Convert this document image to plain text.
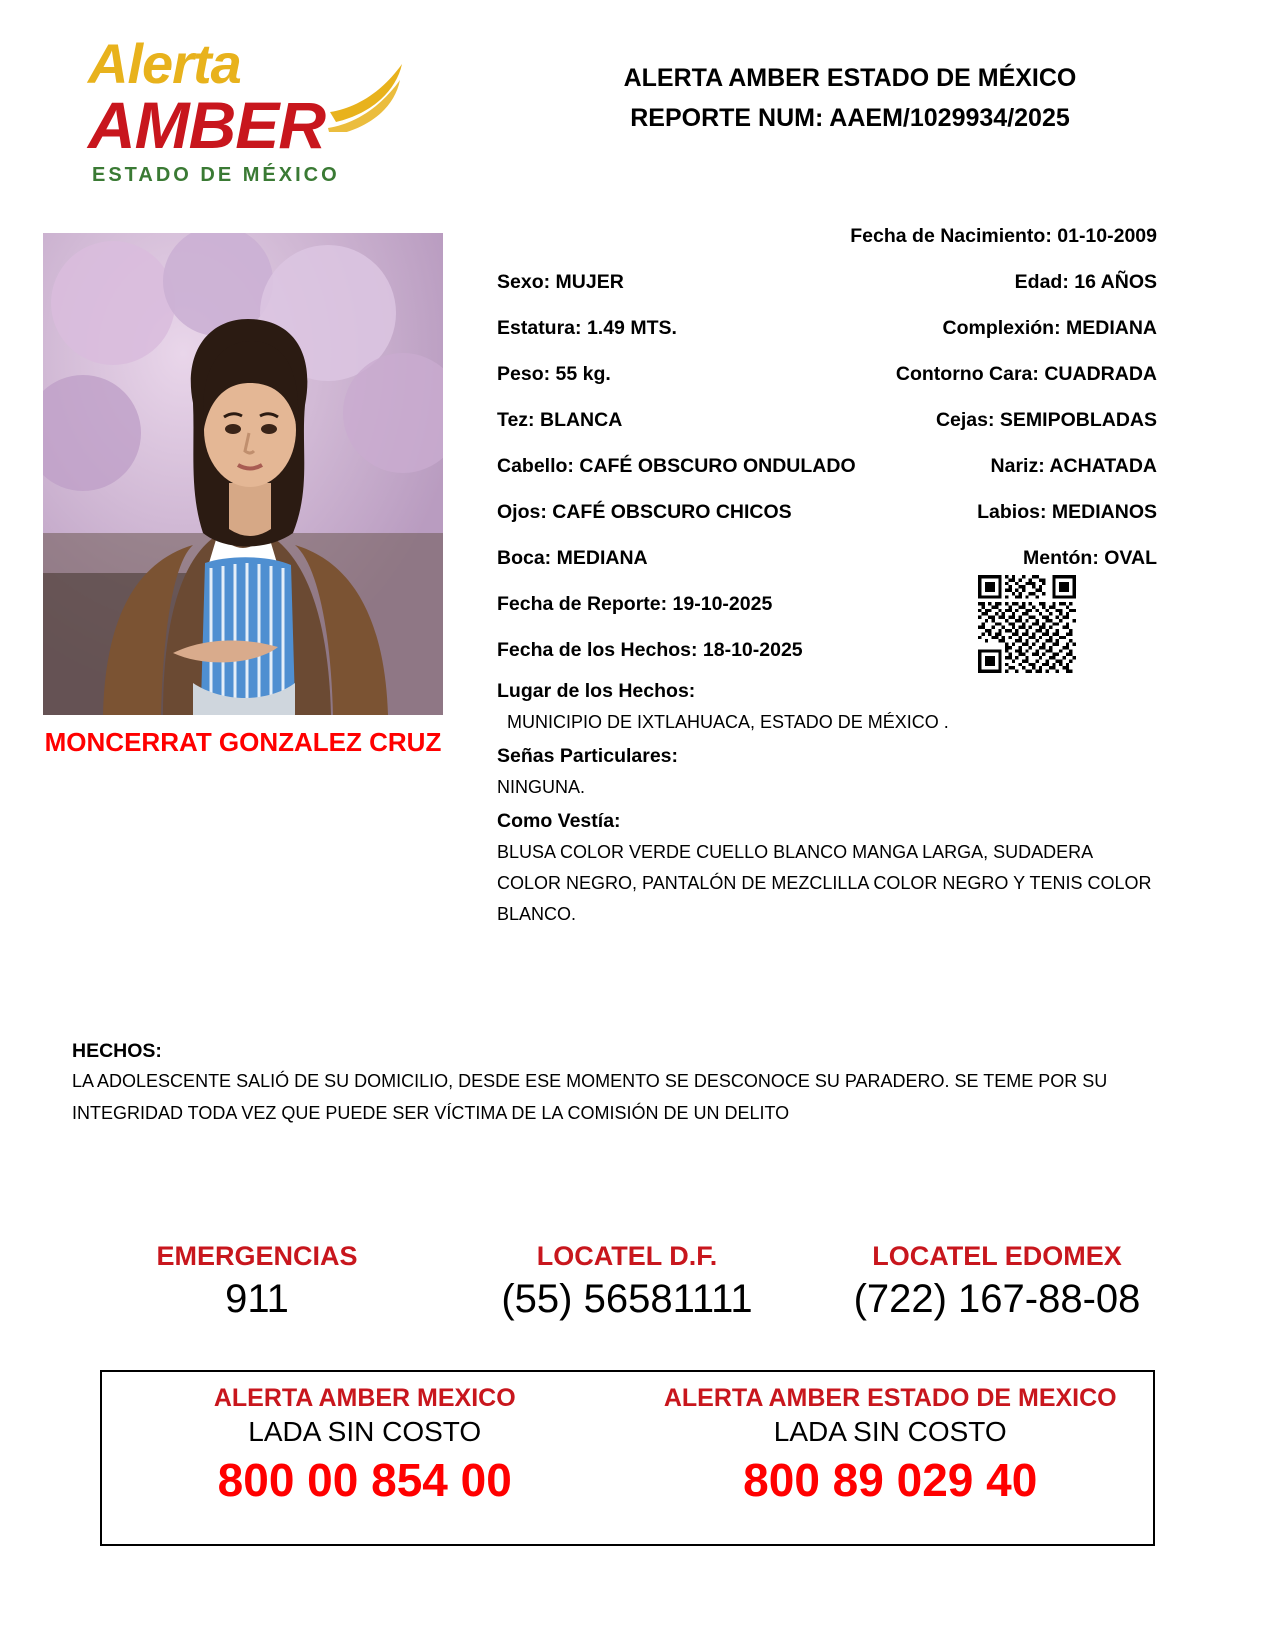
Alerta
AMBER
ESTADO DE MÉXICO
ALERTA AMBER ESTADO DE MÉXICO
REPORTE NUM: AAEM/1029934/2025
MONCERRAT GONZALEZ CRUZ
Fecha de Nacimiento: 01-10-2009
Sexo: MUJER	Edad: 16 AÑOS
Estatura: 1.49 MTS.	Complexión: MEDIANA
Peso: 55 kg.	Contorno Cara: CUADRADA
Tez: BLANCA	Cejas: SEMIPOBLADAS
Cabello: CAFÉ OBSCURO ONDULADO	Nariz: ACHATADA
Ojos: CAFÉ OBSCURO CHICOS	Labios: MEDIANOS
Boca: MEDIANA	Mentón: OVAL
Fecha de Reporte: 19-10-2025
Fecha de los Hechos: 18-10-2025
Lugar de los Hechos:
MUNICIPIO DE IXTLAHUACA, ESTADO DE MÉXICO .
Señas Particulares:
NINGUNA.
Como Vestía:
BLUSA COLOR VERDE CUELLO BLANCO MANGA LARGA, SUDADERA COLOR NEGRO, PANTALÓN DE MEZCLILLA COLOR NEGRO Y TENIS COLOR BLANCO.
HECHOS:
LA ADOLESCENTE SALIÓ DE SU DOMICILIO, DESDE ESE MOMENTO SE DESCONOCE SU PARADERO. SE TEME POR SU INTEGRIDAD TODA VEZ QUE PUEDE SER VÍCTIMA DE LA COMISIÓN DE UN DELITO
EMERGENCIAS
911
LOCATEL D.F.
(55) 56581111
LOCATEL EDOMEX
(722) 167-88-08
ALERTA AMBER MEXICO
LADA SIN COSTO
800 00 854 00
ALERTA AMBER ESTADO DE MEXICO
LADA SIN COSTO
800 89 029 40
